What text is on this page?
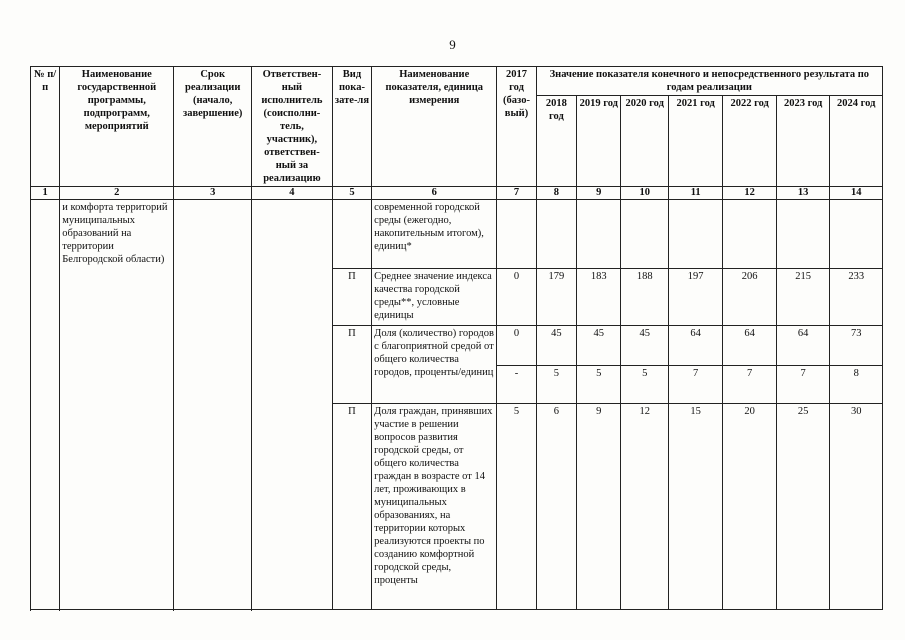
9
№ п/п	Наименование государственной программы, подпрограмм, мероприятий	Срок реализации (начало, завершение)	Ответствен-ный исполнитель (соисполни-тель, участник), ответствен-ный за реализацию	Вид пока-зате-ля	Наименование показателя, единица измерения	2017 год (базо-вый)	Значение показателя конечного и непосредственного результата по годам реализации						
							2018 год	2019 год	2020 год	2021 год	2022 год	2023 год	2024 год
1	2	3	4	5	6	7	8	9	10	11	12	13	14
	и комфорта территорий муниципальных образований на территории Белгородской области)				современной городской среды (ежегодно, накопительным итогом), единиц*								
				П	Среднее значение индекса качества городской среды**, условные единицы	0	179	183	188	197	206	215	233
				П	Доля (количество) городов с благоприятной средой от общего количества городов, проценты/единиц	0	45	45	45	64	64	64	73
						-	5	5	5	7	7	7	8
				П	Доля граждан, принявших участие в решении вопросов развития городской среды, от общего количества граждан в возрасте от 14 лет, проживающих в муниципальных образованиях, на территории которых реализуются проекты по созданию комфортной городской среды, проценты	5	6	9	12	15	20	25	30
